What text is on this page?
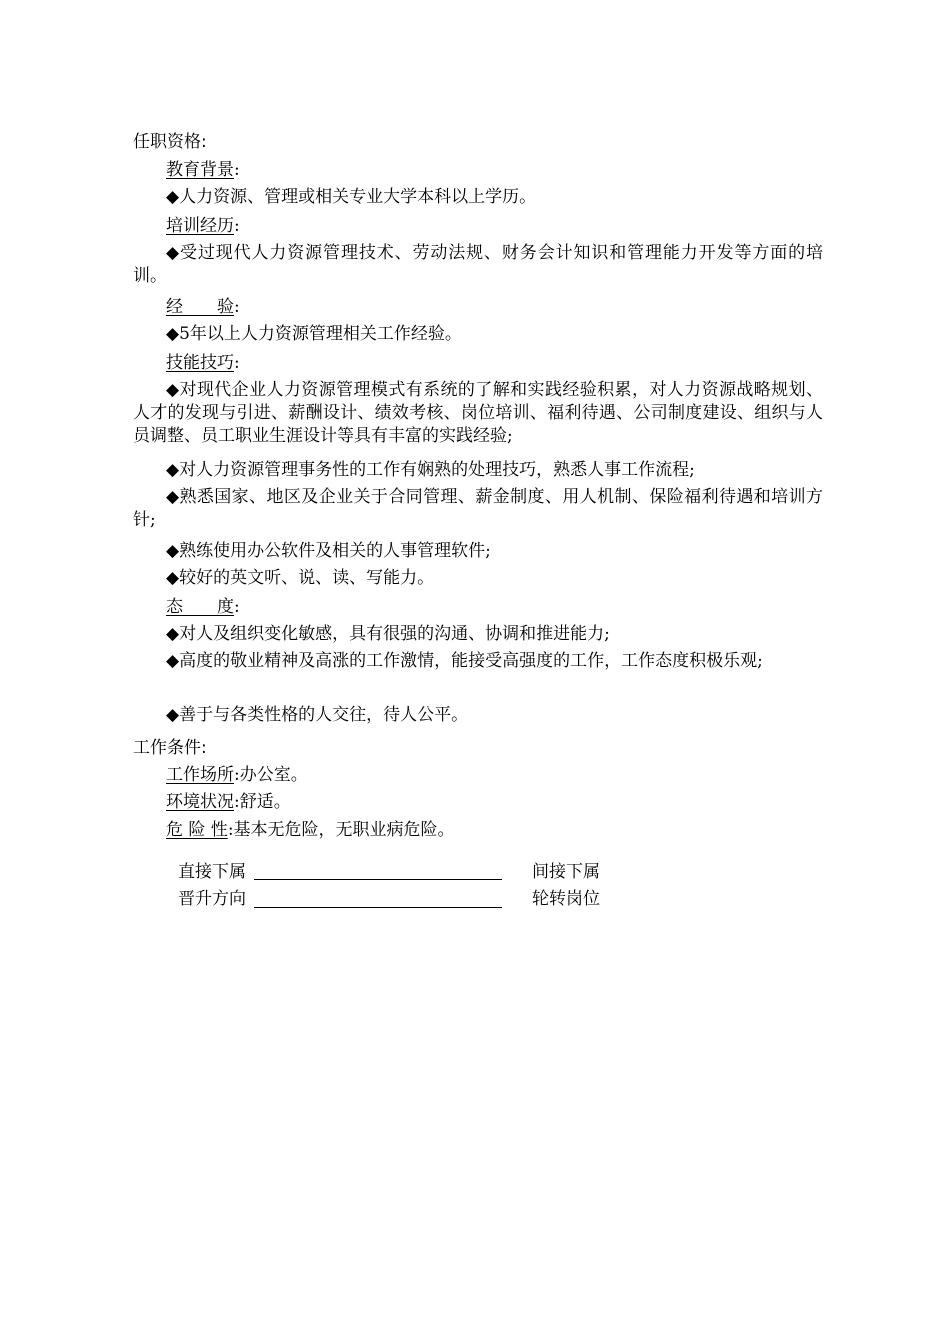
任职资格:
教育背景:
◆人力资源、管理或相关专业大学本科以上学历。
培训经历:
◆受过现代人力资源管理技术、劳动法规、财务会计知识和管理能力开发等方面的培训。
经　　验:
◆5年以上人力资源管理相关工作经验。
技能技巧:
◆对现代企业人力资源管理模式有系统的了解和实践经验积累，对人力资源战略规划、人才的发现与引进、薪酬设计、绩效考核、岗位培训、福利待遇、公司制度建设、组织与人员调整、员工职业生涯设计等具有丰富的实践经验;
◆对人力资源管理事务性的工作有娴熟的处理技巧，熟悉人事工作流程;
◆熟悉国家、地区及企业关于合同管理、薪金制度、用人机制、保险福利待遇和培训方针;
◆熟练使用办公软件及相关的人事管理软件;
◆较好的英文听、说、读、写能力。
态　　度:
◆对人及组织变化敏感，具有很强的沟通、协调和推进能力;
◆高度的敬业精神及高涨的工作激情，能接受高强度的工作，工作态度积极乐观;
◆善于与各类性格的人交往，待人公平。
工作条件:
工作场所:办公室。
环境状况:舒适。
危 险 性:基本无危险，无职业病危险。
直接下属	间接下属
晋升方向	轮转岗位
